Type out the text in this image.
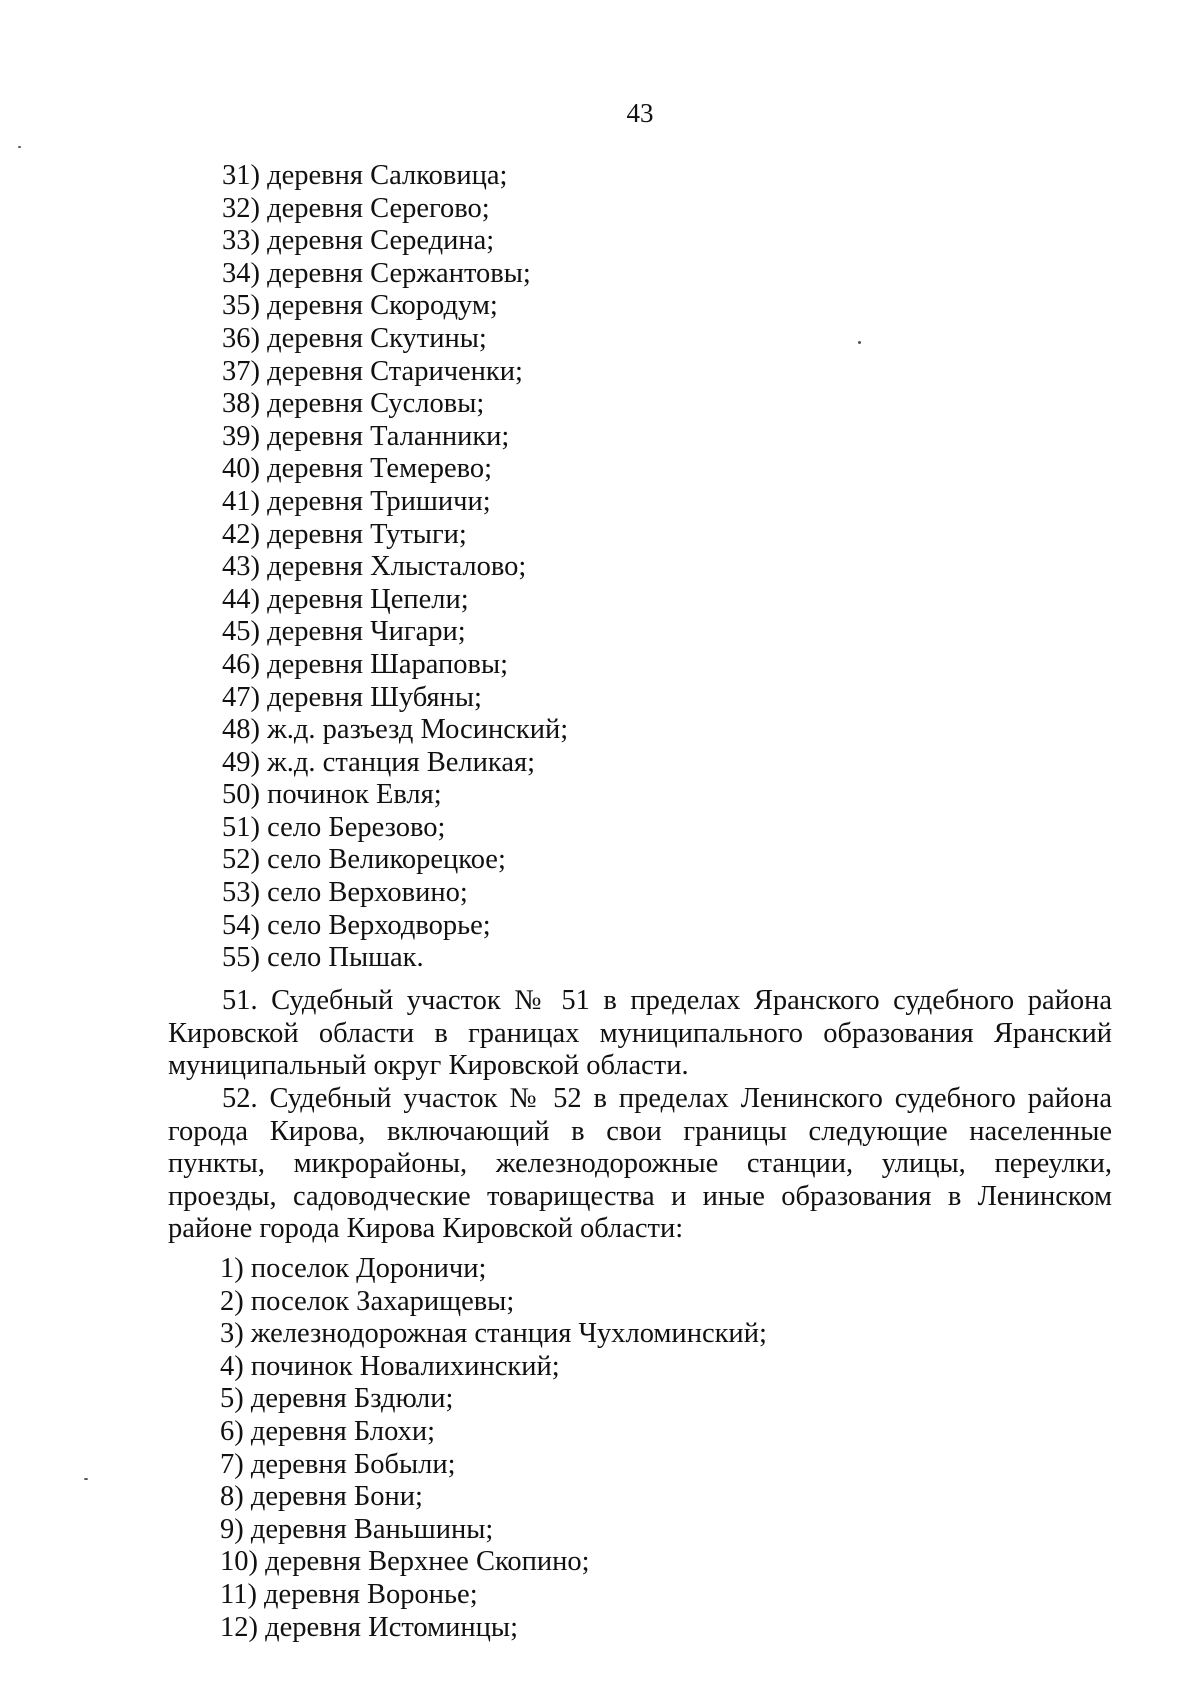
43
31) деревня Салковица;
32) деревня Серегово;
33) деревня Середина;
34) деревня Сержантовы;
35) деревня Скородум;
36) деревня Скутины;
37) деревня Стариченки;
38) деревня Сусловы;
39) деревня Таланники;
40) деревня Темерево;
41) деревня Тришичи;
42) деревня Тутыги;
43) деревня Хлысталово;
44) деревня Цепели;
45) деревня Чигари;
46) деревня Шараповы;
47) деревня Шубяны;
48) ж.д. разъезд Мосинский;
49) ж.д. станция Великая;
50) починок Евля;
51) село Березово;
52) село Великорецкое;
53) село Верховино;
54) село Верходворье;
55) село Пышак.
51. Судебный участок № 51 в пределах Яранского судебного района Кировской области в границах муниципального образования Яранский муниципальный округ Кировской области.
52. Судебный участок № 52 в пределах Ленинского судебного района города Кирова, включающий в свои границы следующие населенные пункты, микрорайоны, железнодорожные станции, улицы, переулки, проезды, садоводческие товарищества и иные образования в Ленинском районе города Кирова Кировской области:
1) поселок Дороничи;
2) поселок Захарищевы;
3) железнодорожная станция Чухломинский;
4) починок Новалихинский;
5) деревня Бздюли;
6) деревня Блохи;
7) деревня Бобыли;
8) деревня Бони;
9) деревня Ваньшины;
10) деревня Верхнее Скопино;
11) деревня Воронье;
12) деревня Истоминцы;
